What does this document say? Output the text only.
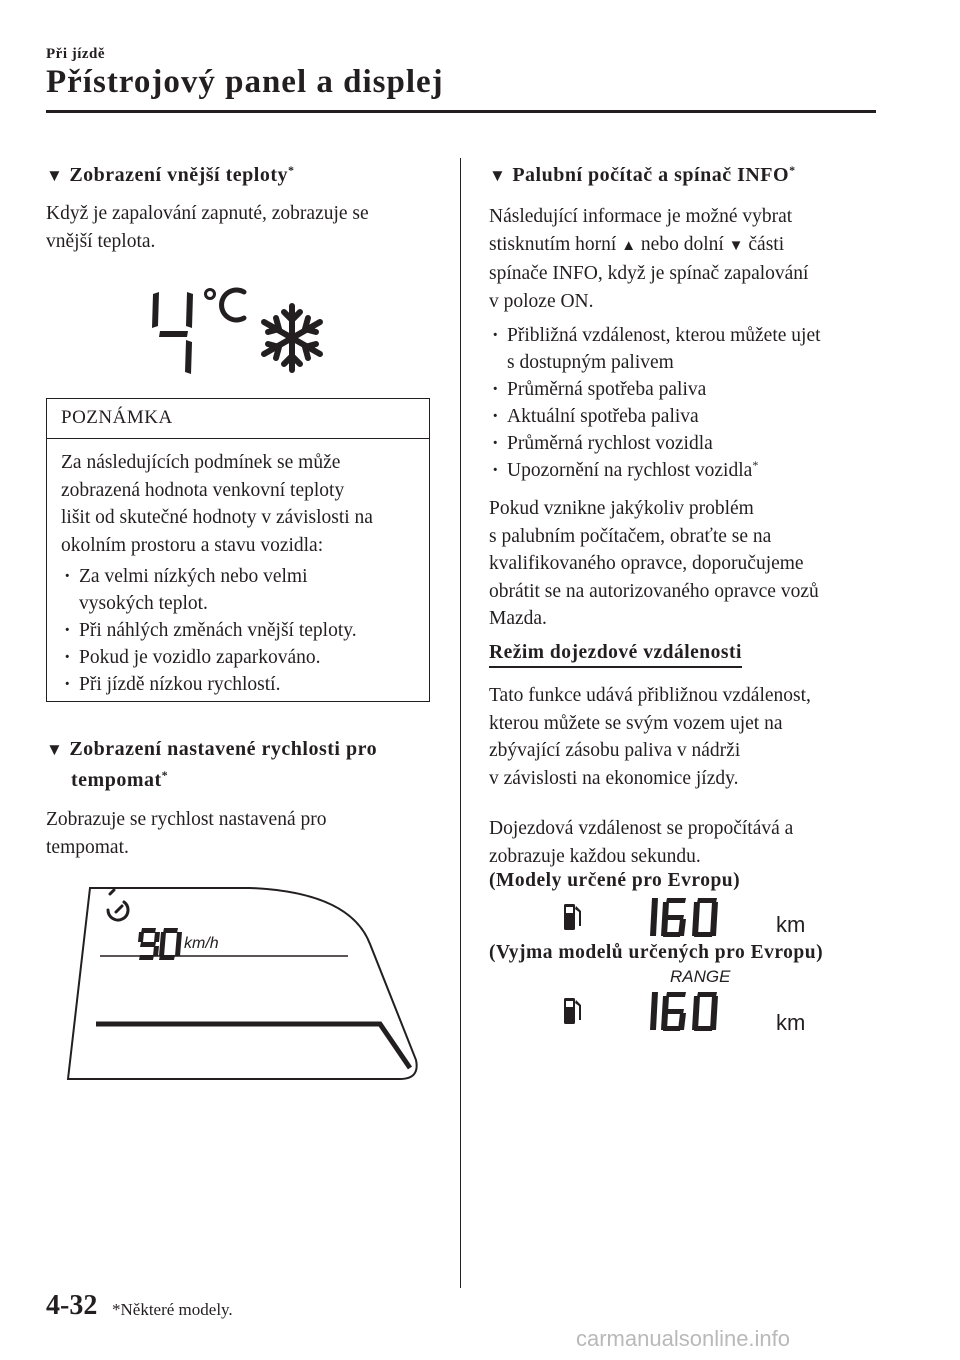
Při jízdě
Přístrojový panel a displej
▼ Zobrazení vnější teploty*
Když je zapalování zapnuté, zobrazuje se
vnější teplota.
POZNÁMKA
Za následujících podmínek se může
zobrazená hodnota venkovní teploty
lišit od skutečné hodnoty v závislosti na
okolním prostoru a stavu vozidla:
· Za velmi nízkých nebo velmi
vysokých teplot.
· Při náhlých změnách vnější teploty.
· Pokud je vozidlo zaparkováno.
· Při jízdě nízkou rychlostí.
▼ Zobrazení nastavené rychlosti pro
tempomat*
Zobrazuje se rychlost nastavená pro
tempomat.
km/h
▼ Palubní počítač a spínač INFO*
Následující informace je možné vybrat
stisknutím horní ▲ nebo dolní ▼ části
spínače INFO, když je spínač zapalování
v poloze ON.
· Přibližná vzdálenost, kterou můžete ujet
s dostupným palivem
· Průměrná spotřeba paliva
· Aktuální spotřeba paliva
· Průměrná rychlost vozidla
· Upozornění na rychlost vozidla*
Pokud vznikne jakýkoliv problém
s palubním počítačem, obraťte se na
kvalifikovaného opravce, doporučujeme
obrátit se na autorizovaného opravce vozů
Mazda.
Režim dojezdové vzdálenosti
Tato funkce udává přibližnou vzdálenost,
kterou můžete se svým vozem ujet na
zbývající zásobu paliva v nádrži
v závislosti na ekonomice jízdy.
Dojezdová vzdálenost se propočítává a
zobrazuje každou sekundu.
(Modely určené pro Evropu)
km
(Vyjma modelů určených pro Evropu)
RANGE
km
4-32 *Některé modely.
carmanualsonline.info
